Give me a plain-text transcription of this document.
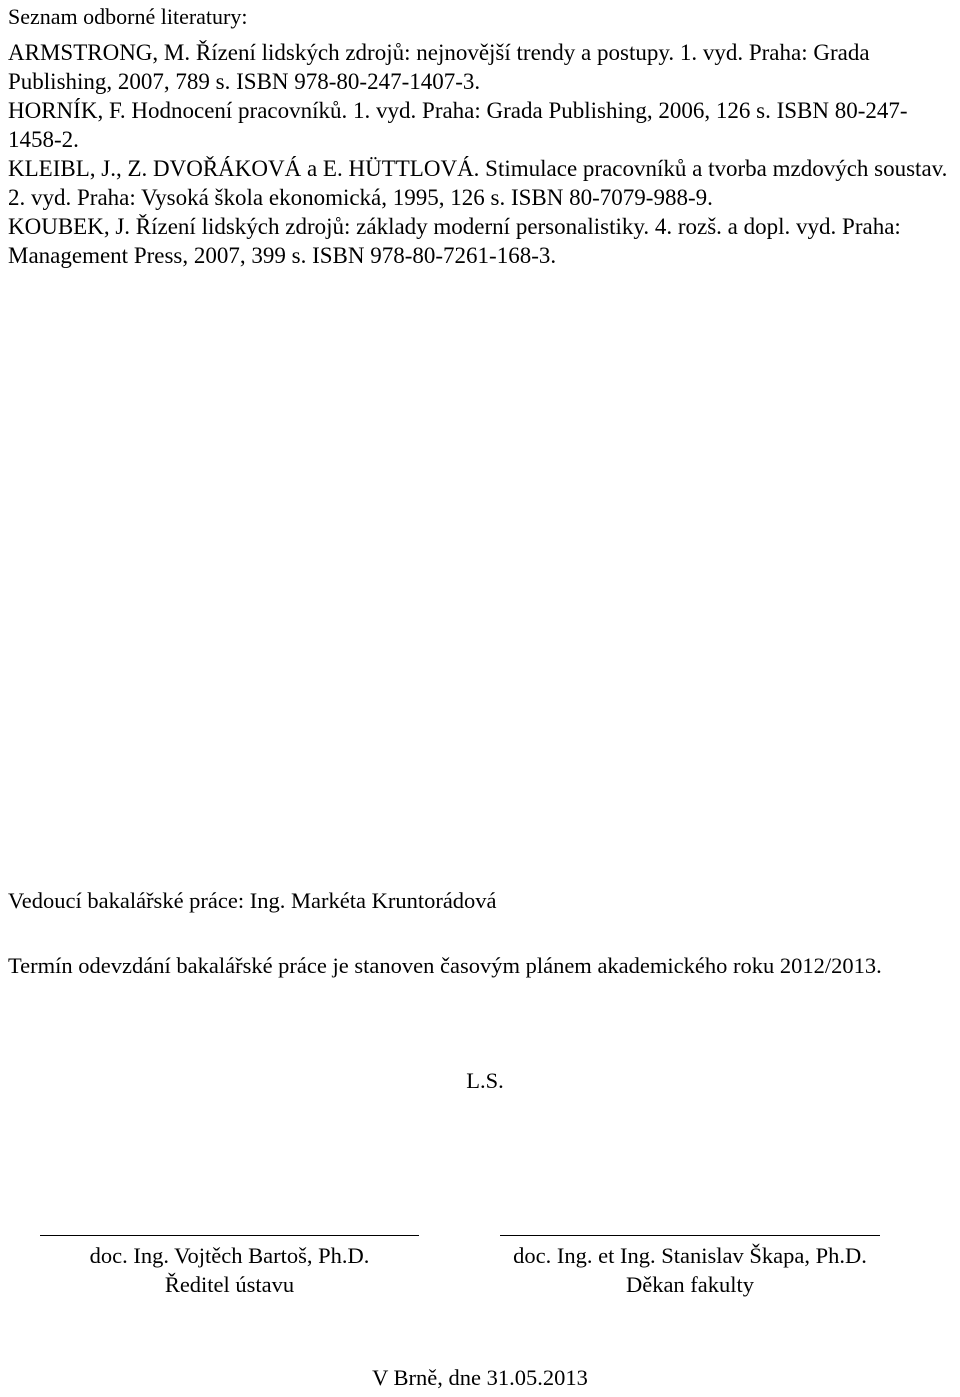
Seznam odborné literatury:
ARMSTRONG, M. Řízení lidských zdrojů: nejnovější trendy a postupy. 1. vyd. Praha: Grada Publishing, 2007, 789 s. ISBN 978-80-247-1407-3.
HORNÍK, F. Hodnocení pracovníků. 1. vyd. Praha: Grada Publishing, 2006, 126 s. ISBN 80-247-1458-2.
KLEIBL, J., Z. DVOŘÁKOVÁ a E. HÜTTLOVÁ. Stimulace pracovníků a tvorba mzdových soustav. 2. vyd. Praha: Vysoká škola ekonomická, 1995, 126 s. ISBN 80-7079-988-9.
KOUBEK, J. Řízení lidských zdrojů: základy moderní personalistiky. 4. rozš. a dopl. vyd. Praha: Management Press, 2007, 399 s. ISBN 978-80-7261-168-3.
Vedoucí bakalářské práce: Ing. Markéta Kruntorádová
Termín odevzdání bakalářské práce je stanoven časovým plánem akademického roku 2012/2013.
L.S.
doc. Ing. Vojtěch Bartoš, Ph.D.
Ředitel ústavu
doc. Ing. et Ing. Stanislav Škapa, Ph.D.
Děkan fakulty
V Brně, dne 31.05.2013
